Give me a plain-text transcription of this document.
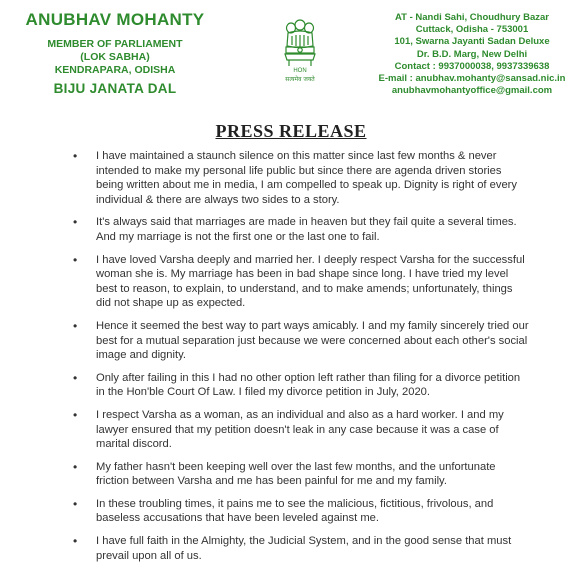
ANUBHAV MOHANTY
MEMBER OF PARLIAMENT
(LOK SABHA)
KENDRAPARA, ODISHA
BIJU JANATA DAL
HON
सत्यमेव जयते
AT - Nandi Sahi, Choudhury Bazar
Cuttack, Odisha - 753001
101, Swarna Jayanti Sadan Deluxe
Dr. B.D. Marg, New Delhi
Contact : 9937000038, 9937339638
E-mail : anubhav.mohanty@sansad.nic.in
anubhavmohantyoffice@gmail.com
PRESS RELEASE
• I have maintained a staunch silence on this matter since last few months & never intended to make my personal life public but since there are agenda driven stories being written about me in media, I am compelled to speak up. Dignity is right of every individual & there are always two sides to a story.
• It's always said that marriages are made in heaven but they fail quite a several times. And my marriage is not the first one or the last one to fail.
• I have loved Varsha deeply and married her. I deeply respect Varsha for the successful woman she is. My marriage has been in bad shape since long. I have tried my level best to reason, to explain, to understand, and to make amends; unfortunately, things did not shape up as expected.
• Hence it seemed the best way to part ways amicably. I and my family sincerely tried our best for a mutual separation just because we were concerned about each other's social image and dignity.
• Only after failing in this I had no other option left rather than filing for a divorce petition in the Hon'ble Court Of Law. I filed my divorce petition in July, 2020.
• I respect Varsha as a woman, as an individual and also as a hard worker. I and my lawyer ensured that my petition doesn't leak in any case because it was a case of marital discord.
• My father hasn't been keeping well over the last few months, and the unfortunate friction between Varsha and me has been painful for me and my family.
• In these troubling times, it pains me to see the malicious, fictitious, frivolous, and baseless accusations that have been leveled against me.
• I have full faith in the Almighty, the Judicial System, and in the good sense that must prevail upon all of us.
